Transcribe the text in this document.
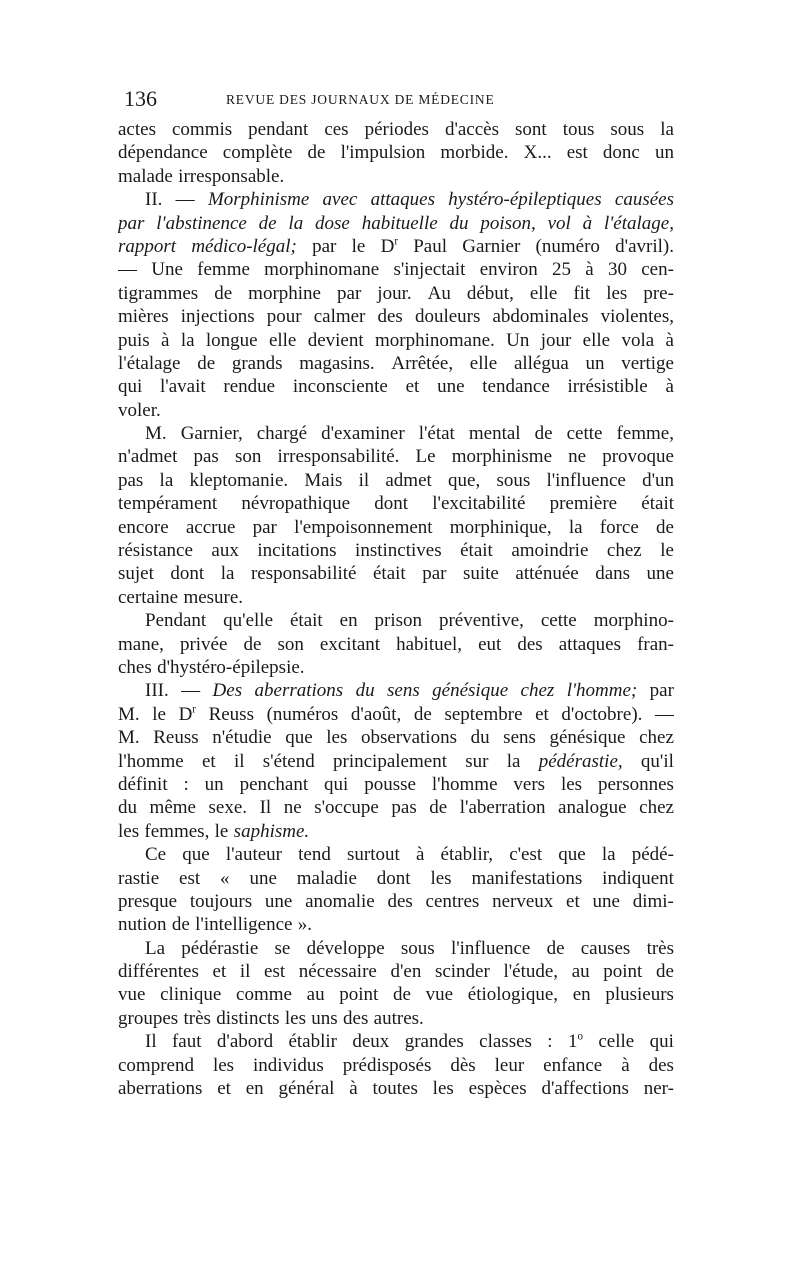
136	REVUE DES JOURNAUX DE MÉDECINE
actes commis pendant ces périodes d'accès sont tous sous la
dépendance complète de l'impulsion morbide. X... est donc un
malade irresponsable.
II. — Morphinisme avec attaques hystéro-épileptiques causées
par l'abstinence de la dose habituelle du poison, vol à l'étalage,
rapport médico-légal; par le $D^r$ Paul Garnier (numéro d'avril).
— Une femme morphinomane s'injectait environ 25 à 30 cen-
tigrammes de morphine par jour. Au début, elle fit les pre-
mières injections pour calmer des douleurs abdominales violentes,
puis à la longue elle devient morphinomane. Un jour elle vola à
l'étalage de grands magasins. Arrêtée, elle allégua un vertige
qui l'avait rendue inconsciente et une tendance irrésistible à
voler.
M. Garnier, chargé d'examiner l'état mental de cette femme,
n'admet pas son irresponsabilité. Le morphinisme ne provoque
pas la kleptomanie. Mais il admet que, sous l'influence d'un
tempérament névropathique dont l'excitabilité première était
encore accrue par l'empoisonnement morphinique, la force de
résistance aux incitations instinctives était amoindrie chez le
sujet dont la responsabilité était par suite atténuée dans une
certaine mesure.
Pendant qu'elle était en prison préventive, cette morphino-
mane, privée de son excitant habituel, eut des attaques fran-
ches d'hystéro-épilepsie.
III. — Des aberrations du sens génésique chez l'homme; par
M. le $D^r$ Reuss (numéros d'août, de septembre et d'octobre). —
M. Reuss n'étudie que les observations du sens génésique chez
l'homme et il s'étend principalement sur la pédérastie, qu'il
définit : un penchant qui pousse l'homme vers les personnes
du même sexe. Il ne s'occupe pas de l'aberration analogue chez
les femmes, le saphisme.
Ce que l'auteur tend surtout à établir, c'est que la pédé-
rastie est « une maladie dont les manifestations indiquent
presque toujours une anomalie des centres nerveux et une dimi-
nution de l'intelligence ».
La pédérastie se développe sous l'influence de causes très
différentes et il est nécessaire d'en scinder l'étude, au point de
vue clinique comme au point de vue étiologique, en plusieurs
groupes très distincts les uns des autres.
Il faut d'abord établir deux grandes classes : 1$^o$ celle qui
comprend les individus prédisposés dès leur enfance à des
aberrations et en général à toutes les espèces d'affections ner-
